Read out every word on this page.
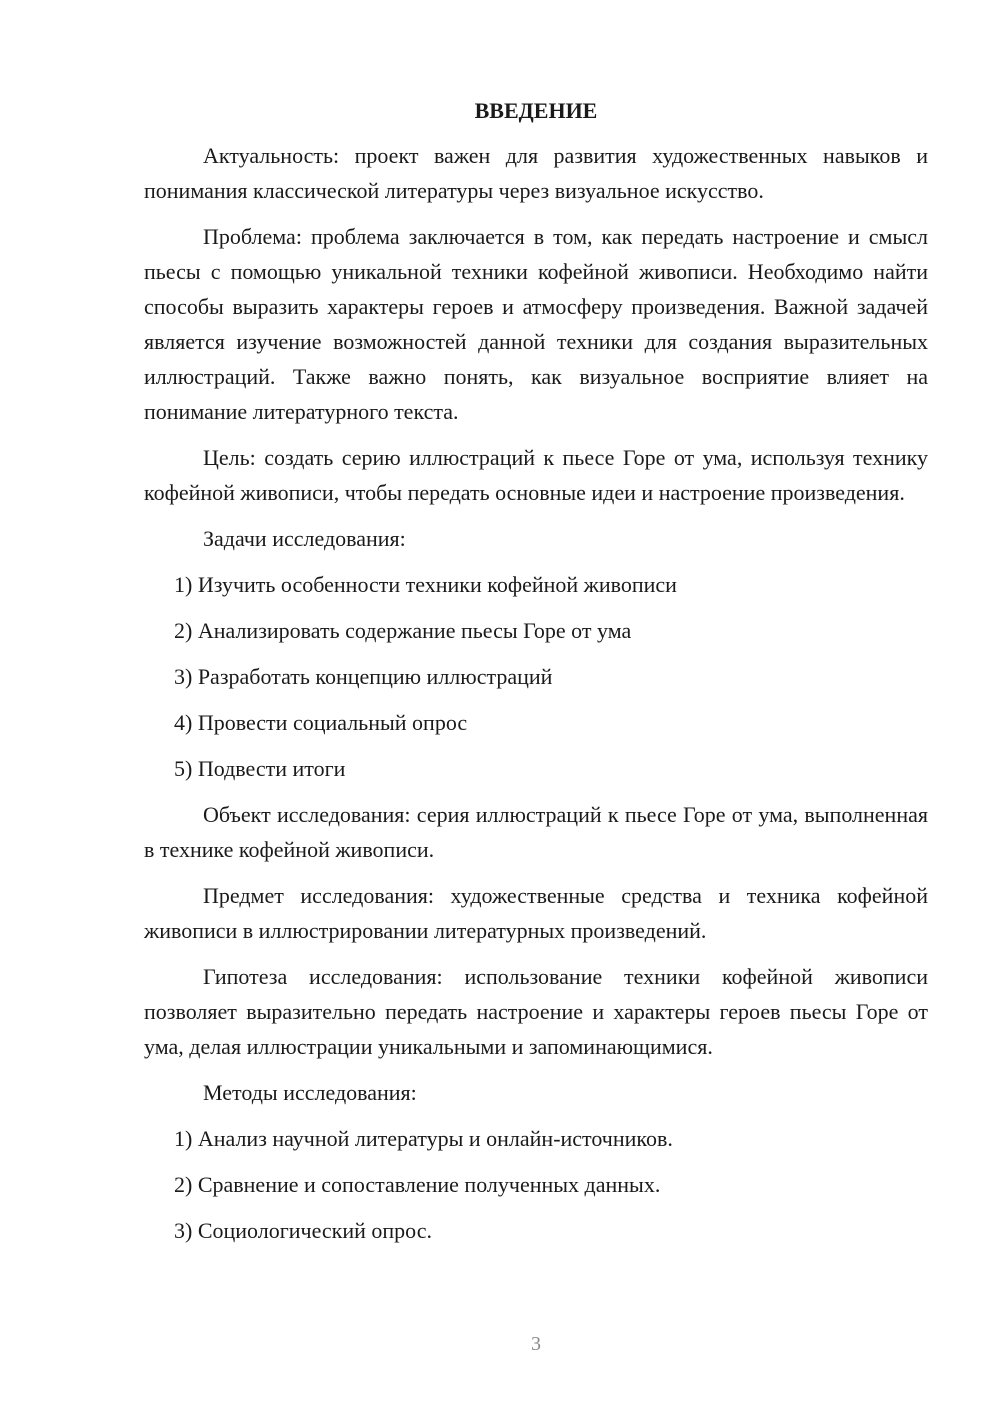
ВВЕДЕНИЕ

Актуальность: проект важен для развития художественных навыков и понимания классической литературы через визуальное искусство.

Проблема: проблема заключается в том, как передать настроение и смысл пьесы с помощью уникальной техники кофейной живописи. Необходимо найти способы выразить характеры героев и атмосферу произведения. Важной задачей является изучение возможностей данной техники для создания выразительных иллюстраций. Также важно понять, как визуальное восприятие влияет на понимание литературного текста.

Цель: создать серию иллюстраций к пьесе Горе от ума, используя технику кофейной живописи, чтобы передать основные идеи и настроение произведения.

Задачи исследования:

1) Изучить особенности техники кофейной живописи
2) Анализировать содержание пьесы Горе от ума
3) Разработать концепцию иллюстраций
4) Провести социальный опрос
5) Подвести итоги

Объект исследования: серия иллюстраций к пьесе Горе от ума, выполненная в технике кофейной живописи.

Предмет исследования: художественные средства и техника кофейной живописи в иллюстрировании литературных произведений.

Гипотеза исследования: использование техники кофейной живописи позволяет выразительно передать настроение и характеры героев пьесы Горе от ума, делая иллюстрации уникальными и запоминающимися.

Методы исследования:

1) Анализ научной литературы и онлайн-источников.
2) Сравнение и сопоставление полученных данных.
3) Социологический опрос.
3
